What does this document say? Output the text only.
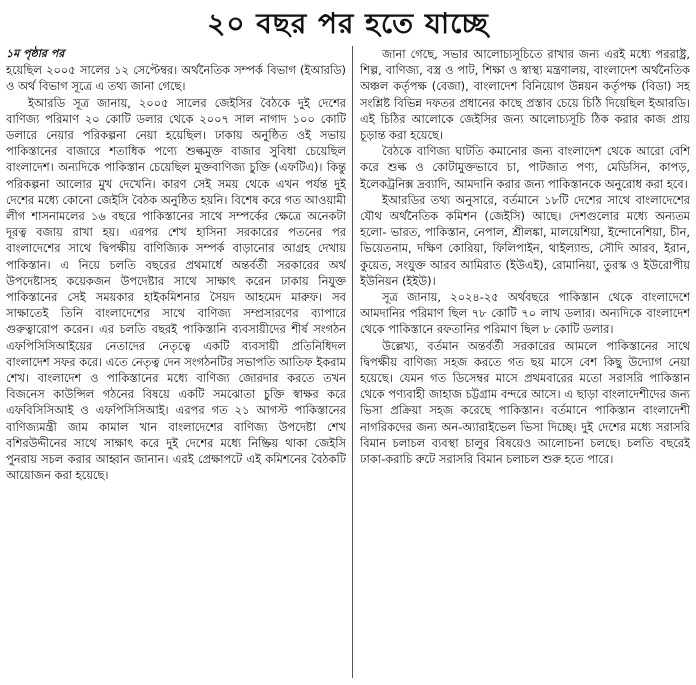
২০ বছর পর হতে যাচ্ছে

১ম পৃষ্ঠার পর

হয়েছিল ২০০৫ সালের ১২ সেপ্টেম্বর। অর্থনৈতিক সম্পর্ক বিভাগ (ইআরডি) ও অর্থ বিভাগ সূত্রে এ তথ্য জানা গেছে।

ইআরডি সূত্র জানায়, ২০০৫ সালের জেইসির বৈঠকে দুই দেশের বাণিজ্য পরিমাণ ২০ কোটি ডলার থেকে ২০০৭ সাল নাগাদ ১০০ কোটি ডলারে নেয়ার পরিকল্পনা নেয়া হয়েছিল। ঢাকায় অনুষ্ঠিত ওই সভায় পাকিস্তানের বাজারে শতাধিক পণ্যে শুল্কমুক্ত বাজার সুবিধা চেয়েছিল বাংলাদেশ। অন্যদিকে পাকিস্তান চেয়েছিল মুক্তবাণিজ্য চুক্তি (এফটিএ)। কিন্তু পরিকল্পনা আলোর মুখ দেখেনি। কারণ সেই সময় থেকে এখন পর্যন্ত দুই দেশের মধ্যে কোনো জেইসি বৈঠক অনুষ্ঠিত হয়নি। বিশেষ করে গত আওয়ামী লীগ শাসনামলের ১৬ বছরে পাকিস্তানের সাথে সম্পর্কের ক্ষেত্রে অনেকটা দূরত্ব বজায় রাখা হয়। এরপর শেখ হাসিনা সরকারের পতনের পর বাংলাদেশের সাথে দ্বিপক্ষীয় বাণিজ্যিক সম্পর্ক বাড়ানোর আগ্রহ দেখায় পাকিস্তান। এ নিয়ে চলতি বছরের প্রথমার্ধে অন্তর্বর্তী সরকারের অর্থ উপদেষ্টাসহ কয়েকজন উপদেষ্টার সাথে সাক্ষাৎ করেন ঢাকায় নিযুক্ত পাকিস্তানের সেই সময়কার হাইকমিশনার সৈয়দ আহমেদ মারুফ। সব সাক্ষাতেই তিনি বাংলাদেশের সাথে বাণিজ্য সম্প্রসারণের ব্যাপারে গুরুত্বারোপ করেন। এর চলতি বছরই পাকিস্তানি ব্যবসায়ীদের শীর্ষ সংগঠন এফপিসিসিআইয়ের নেতাদের নেতৃত্বে একটি ব্যবসায়ী প্রতিনিধিদল বাংলাদেশ সফর করে। এতে নেতৃত্ব দেন সংগঠনটির সভাপতি আতিফ ইকরাম শেখ। বাংলাদেশ ও পাকিস্তানের মধ্যে বাণিজ্য জোরদার করতে তখন বিজনেস কাউন্সিল গঠনের বিষয়ে একটি সমঝোতা চুক্তি স্বাক্ষর করে এফবিসিসিআই ও এফপিসিসিআই। এরপর গত ২১ আগস্ট পাকিস্তানের বাণিজ্যমন্ত্রী জাম কামাল খান বাংলাদেশের বাণিজ্য উপদেষ্টা শেখ বশিরউদ্দীনের সাথে সাক্ষাৎ করে দুই দেশের মধ্যে নিষ্ক্রিয় থাকা জেইসি পুনরায় সচল করার আহ্বান জানান। এরই প্রেক্ষাপটে এই কমিশনের বৈঠকটি আয়োজন করা হয়েছে।

জানা গেছে, সভার আলোচ্যসূচিতে রাখার জন্য এরই মধ্যে পররাষ্ট্র, শিল্প, বাণিজ্য, বস্ত্র ও পাট, শিক্ষা ও স্বাস্থ্য মন্ত্রণালয়, বাংলাদেশ অর্থনৈতিক অঞ্চল কর্তৃপক্ষ (বেজা), বাংলাদেশ বিনিয়োগ উন্নয়ন কর্তৃপক্ষ (বিডা) সহ সংশ্লিষ্ট বিভিন্ন দফতর প্রধানের কাছে প্রস্তাব চেয়ে চিঠি দিয়েছিল ইআরডি। এই চিঠির আলোকে জেইসির জন্য আলোচ্যসূচি ঠিক করার কাজ প্রায় চূড়ান্ত করা হয়েছে।

বৈঠকে বাণিজ্য ঘাটতি কমানোর জন্য বাংলাদেশ থেকে আরো বেশি করে শুল্ক ও কোটামুক্তভাবে চা, পাটজাত পণ্য, মেডিসিন, কাপড়, ইলেকট্রনিক্স দ্রব্যাদি, আমদানি করার জন্য পাকিস্তানকে অনুরোধ করা হবে।

ইআরডির তথ্য অনুসারে, বর্তমানে ১৮টি দেশের সাথে বাংলাদেশের যৌথ অর্থনৈতিক কমিশন (জেইসি) আছে। দেশগুলোর মধ্যে অন্যতম হলো- ভারত, পাকিস্তান, নেপাল, শ্রীলঙ্কা, মালয়েশিয়া, ইন্দোনেশিয়া, চীন, ভিয়েতনাম, দক্ষিণ কোরিয়া, ফিলিপাইন, থাইল্যান্ড, সৌদি আরব, ইরান, কুয়েত, সংযুক্ত আরব আমিরাত (ইউএই), রোমানিয়া, তুরস্ক ও ইউরোপীয় ইউনিয়ন (ইইউ)।

সূত্র জানায়, ২০২৪-২৫ অর্থবছরে পাকিস্তান থেকে বাংলাদেশে আমদানির পরিমাণ ছিল ৭৮ কোটি ৭০ লাখ ডলার। অন্যদিকে বাংলাদেশ থেকে পাকিস্তানে রফতানির পরিমাণ ছিল ৮ কোটি ডলার।

উল্লেখ্য, বর্তমান অন্তর্বর্তী সরকারের আমলে পাকিস্তানের সাথে দ্বিপক্ষীয় বাণিজ্য সহজ করতে গত ছয় মাসে বেশ কিছু উদ্যোগ নেয়া হয়েছে। যেমন গত ডিসেম্বর মাসে প্রথমবারের মতো সরাসরি পাকিস্তান থেকে পণ্যবাহী জাহাজ চট্টগ্রাম বন্দরে আসে। এ ছাড়া বাংলাদেশীদের জন্য ভিসা প্রক্রিয়া সহজ করেছে পাকিস্তান। বর্তমানে পাকিস্তান বাংলাদেশী নাগরিকদের জন্য অন-অ্যারাইভেল ভিসা দিচ্ছে। দুই দেশের মধ্যে সরাসরি বিমান চলাচল ব্যবস্থা চালুর বিষয়েও আলোচনা চলছে। চলতি বছরেই ঢাকা-করাচি রুটে সরাসরি বিমান চলাচল শুরু হতে পারে।
